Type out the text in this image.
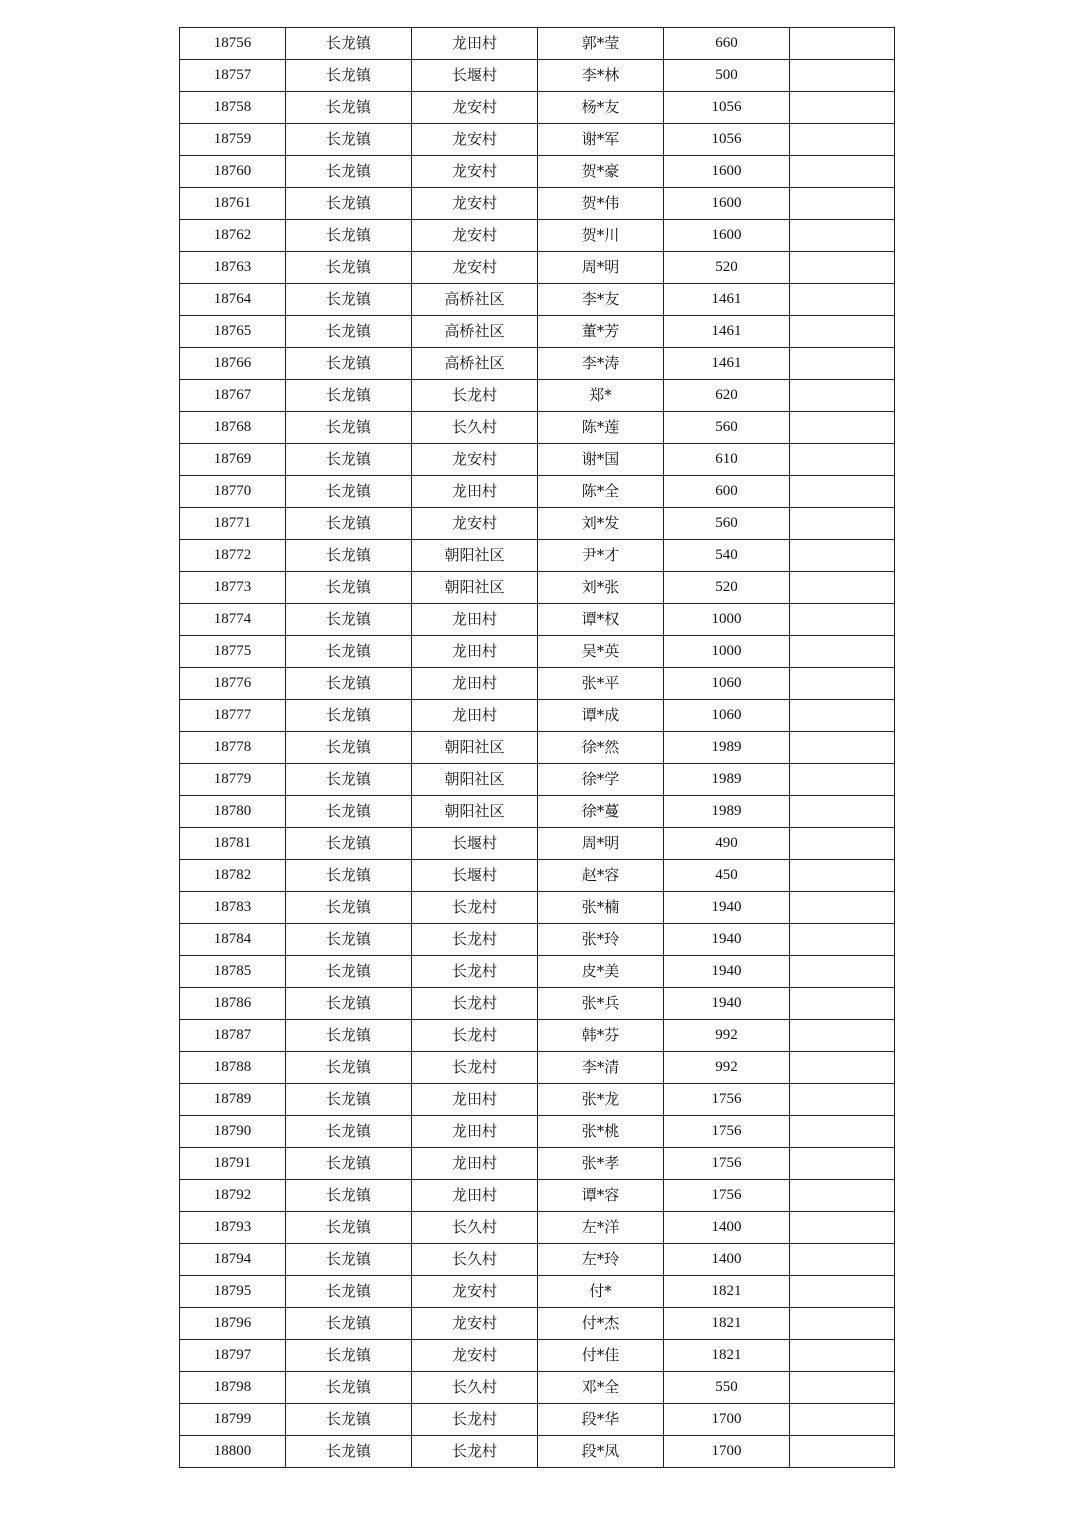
18756	长龙镇	龙田村	郭*莹	660	
18757	长龙镇	长堰村	李*林	500	
18758	长龙镇	龙安村	杨*友	1056	
18759	长龙镇	龙安村	谢*军	1056	
18760	长龙镇	龙安村	贺*豪	1600	
18761	长龙镇	龙安村	贺*伟	1600	
18762	长龙镇	龙安村	贺*川	1600	
18763	长龙镇	龙安村	周*明	520	
18764	长龙镇	高桥社区	李*友	1461	
18765	长龙镇	高桥社区	董*芳	1461	
18766	长龙镇	高桥社区	李*涛	1461	
18767	长龙镇	长龙村	郑*	620	
18768	长龙镇	长久村	陈*莲	560	
18769	长龙镇	龙安村	谢*国	610	
18770	长龙镇	龙田村	陈*全	600	
18771	长龙镇	龙安村	刘*发	560	
18772	长龙镇	朝阳社区	尹*才	540	
18773	长龙镇	朝阳社区	刘*张	520	
18774	长龙镇	龙田村	谭*权	1000	
18775	长龙镇	龙田村	吴*英	1000	
18776	长龙镇	龙田村	张*平	1060	
18777	长龙镇	龙田村	谭*成	1060	
18778	长龙镇	朝阳社区	徐*然	1989	
18779	长龙镇	朝阳社区	徐*学	1989	
18780	长龙镇	朝阳社区	徐*蔓	1989	
18781	长龙镇	长堰村	周*明	490	
18782	长龙镇	长堰村	赵*容	450	
18783	长龙镇	长龙村	张*楠	1940	
18784	长龙镇	长龙村	张*玲	1940	
18785	长龙镇	长龙村	皮*美	1940	
18786	长龙镇	长龙村	张*兵	1940	
18787	长龙镇	长龙村	韩*芬	992	
18788	长龙镇	长龙村	李*清	992	
18789	长龙镇	龙田村	张*龙	1756	
18790	长龙镇	龙田村	张*桃	1756	
18791	长龙镇	龙田村	张*孝	1756	
18792	长龙镇	龙田村	谭*容	1756	
18793	长龙镇	长久村	左*洋	1400	
18794	长龙镇	长久村	左*玲	1400	
18795	长龙镇	龙安村	付*	1821	
18796	长龙镇	龙安村	付*杰	1821	
18797	长龙镇	龙安村	付*佳	1821	
18798	长龙镇	长久村	邓*全	550	
18799	长龙镇	长龙村	段*华	1700	
18800	长龙镇	长龙村	段*凤	1700	
